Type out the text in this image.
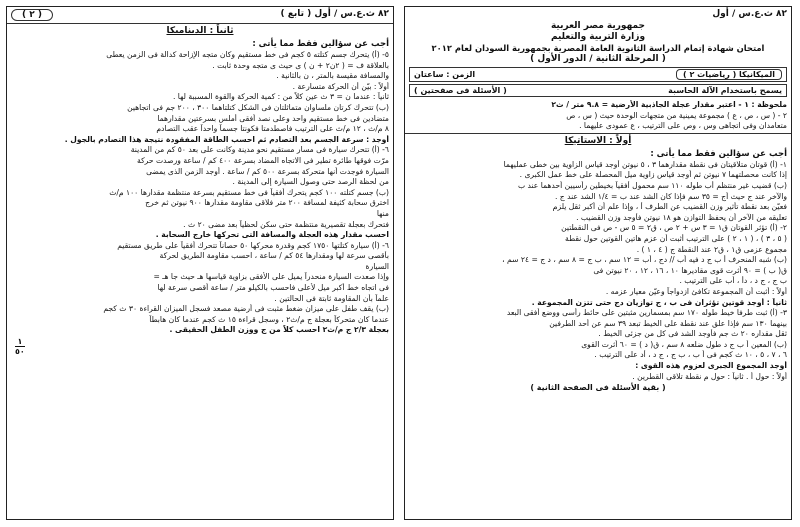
٨٢ ث.ع.س / أول ( تابع )
( ٢ )
ثانياً : الديناميكا
أجب عن سؤالين فقط مما يأتى :
٥- (أ) يتحرك جسم كتلته ٥ كجم فى خط مستقيم وكان متجه الإزاحة كدالة فى الزمن يعطى
بالعلاقة ف = ( ٢ن٢ + ن ) ى حيث ى متجه وحدة ثابت .
والمسافة مقيسة بالمتر ، ن بالثانية .
أولاً : بيّن أن الحركة متسارعة .
ثانياً : عندما ن = ٣ ث عين كلاً من : كمية الحركة والقوة المسببة لها .
(ب) تتحرك كرتان ملساوان متماثلتان فى الشكل كتلتاهما ٣٠٠ ، ٢٠٠ جم فى اتجاهين
متضادين فى خط مستقيم واحد وعلى نصد أفقى أملس بسرعتين مقدارهما
٨ م/ث ، ١٢ م/ث على الترتيب فاصطدمتا فكونتا جسماً واحداً عقب التصادم
أوجد : سرعة الجسم بعد التصادم ثم احسب الطاقة المفقودة نتيجة هذا التصادم بالجول .
٦- (أ) تتحرك سيارة فى مسار مستقيم نحو مدينة وكانت على بعد ٥٠ كم من المدينة
مرّت فوقها طائرة تطير فى الاتجاه المضاد بسرعة ٤٠٠ كم / ساعة ورصدت حركة
السيارة فوجدت أنها متحركة بسرعة ٥٠٠ كم / ساعة . أوجد الزمن الذى يمضى
من لحظة الرصد حتى وصول السيارة إلى المدينة .
(ب) جسم كتلته ١٠٠ كجم يتحرك أفقياً فى خط مستقيم بسرعة منتظمة مقدارها ١٠٠ م/ث
اخترق سحابة كثيفة لمسافة ٢٠٠ متر فلاقى مقاومة مقدارها ٩٠٠ نيوتن ثم خرج
منها
فتحرك بعجلة تقصيرية منتظمة حتى سكن لحظياً بعد مضى ٢٠ ث .
احسب مقدار هذه العجلة والمسافة التى تحركها خارج السحابة .
٦- (أ) سيارة كتلتها ١٧٥٠ كجم وقدرة محركها ٥٠ حصاناً تتحرك أفقياً على طريق مستقيم
بأقصى سرعة لها ومقدارها ٥٤ كم / ساعة ، احسب مقاومة الطريق لحركة
السيارة
وإذا صعدت السيارة منحدراً يميل على الأفقى بزاوية قياسها هـ حيث جا هـ =
فى اتجاه خط أكبر ميل لأعلى فاحسب بالكيلو متر / ساعة أقصى سرعة لها
علماً بأن المقاومة ثابتة فى الحالتين .
(ب) يقف طفل على ميزان ضغط مثبت فى أرضية مصعد فسجل الميزان القراءة ٣٠ ث كجم
عندما كان متحركاً بعجلة ج م/ث٢ ، وسجل قراءة ١٥ ث كجم عندما كان هابطاً
بعجلة ٢/٣ ج م/ث٢ احسب كلاً من ج ووزن الطفل الحقيقى .
١
٥٠
٨٢ ث.ع.س / أول
جمهورية مصر العربية
وزارة التربية والتعليم
امتحان شهادة إتمام الدراسة الثانوية العامة المصرية بجمهورية السودان لعام ٢٠١٢
( المرحلة الثانية / الدور الأول )
الميكانيكا ( رياضيات ٢ )
الزمن : ساعتان
يسمح باستخدام الآلة الحاسبة
( الأسئلة فى صفحتين )
ملحوظة : ١ - اعتبر مقدار عجلة الجاذبية الأرضية = ٩.٨ متر / ث٢
٢ - ( س ، ص ، ع ) مجموعة يمينية من متجهات الوحدة حيث ( س ، ص
متعامدان وفى اتجاهى وس ، وص على الترتيب ، ع عمودى عليهما .
أولاً : الاستاتيكا
أجب عن سؤالين فقط مما يأتى :
١- (أ) قوتان متلاقيتان فى نقطة مقدارهما ٣ ، ٥ نيوتن أوجد قياس الزاوية بين خطى عمليهما
إذا كانت محصلتهما ٧ نيوتن ثم أوجد قياس زاوية ميل المحصلة على خط عمل الكبرى .
(ب) قضيب غير منتظم أب طوله ١١٠ سم محمول أفقياً بخيطين رأسيين أحدهما عند ب
والآخر عند ج حيث أج = ٣٥ سم فإذا كان الشد عند ب = ١/٤ الشد عند ج .
فعيّن بعد نقطة تأثير وزن القضيب عن الطرف أ ، وإذا علم أن أكبر ثقل يلزم
تعليقه من الآخر أن يحفظ التوازن هو ١٨ نيوتن فأوجد وزن القضيب .
٢- (أ) تؤثر القوتان ق١ = ٣ س + ٢ ص ، ق٢ = ٥ س - ص فى النقطتين
( ٥ ، ٣ ) ، ( ١ ، ٢ ) على الترتيب أثبت أن عزم هاتين القوتين حول نقطة
مجموع عزمى ق١ ، ق٢ عند النقطة ج ( ٤ ، ١ ) .
(ب) شبه المنحرف أ ب ج د فيه أب // دج ، أب = ١٢ سم ، ب ج = ٨ سم ، د ج = ٢٤ سم ،
ق( ب ) = ٩٠ أثرت قوى مقاديرها ١٠ ، ١٦ ، ١٢ ، ٢٠ نيوتن فى
ب ج ، ج د ، دأ ، أب على الترتيب .
أولاً : أثبت أن المجموعة تكافئ ازدواجاً وعيّن معيار عزمه .
ثانياً : أوجد قوتين تؤثران فى ب ، ج توازيان دج حتى تتزن المجموعة .
٣- (أ) ثبت طرفا خيط طوله ١٧٠ سم بمسمارين مثبتين على حائط رأسى ووضع أفقى البعد
بينهما ١٣٠ سم فإذا علق عند نقطة على الخيط تبعد ٣٩ سم عن أحد الطرفين
ثقل مقداره ٢٠ ث جم فأوجد الشد فى كل من جزئى الخيط .
(ب) المعين أ ب ج د طول ضلعه ٨ سم ، ق( د ) = ٦٠ أثرت القوى
٦ ، ٧ ، ٥ ، ١٠ ث كجم فى أ ب ، ب ج ، ج د ، أد على الترتيب .
أوجد المجموع الجبرى لعزوم هذه القوى :
أولاً : حول أ . ثانياً : حول م نقطة تلاقى القطرين .
( بقية الأسئلة فى الصفحة الثانية )
